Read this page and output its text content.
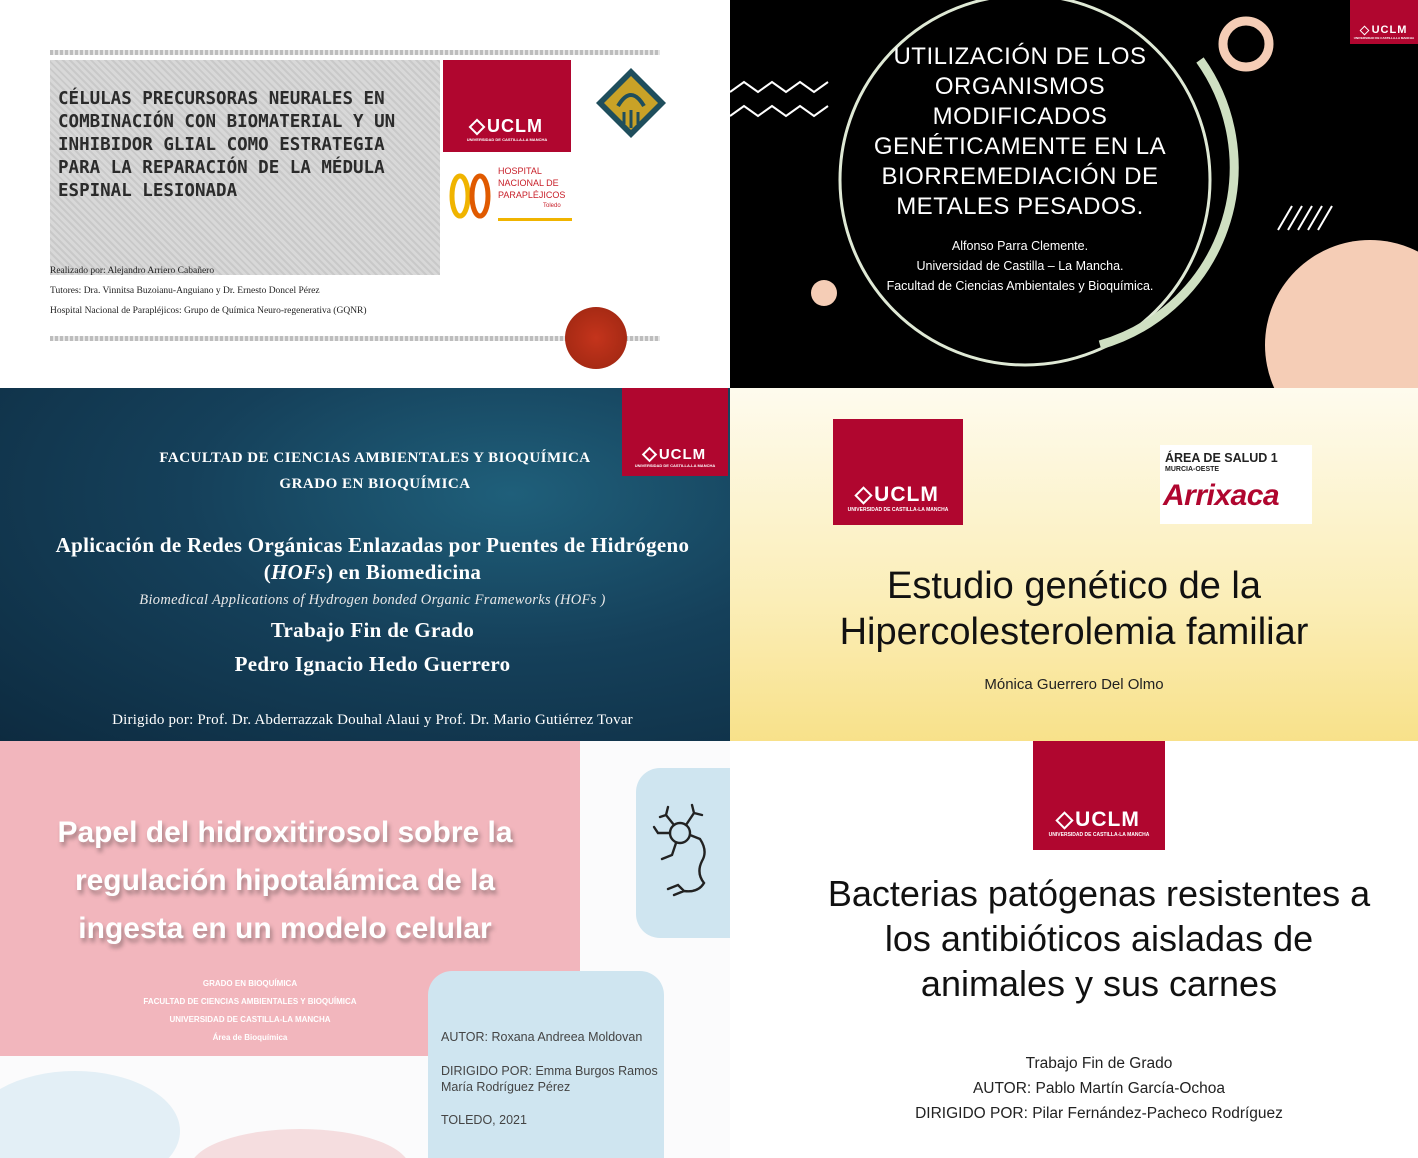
CÉLULAS PRECURSORAS NEURALES EN COMBINACIÓN CON BIOMATERIAL Y UN INHIBIDOR GLIAL COMO ESTRATEGIA PARA LA REPARACIÓN DE LA MÉDULA ESPINAL LESIONADA
UCLM
UNIVERSIDAD DE CASTILLA-LA MANCHA
HOSPITAL
NACIONAL DE
PARAPLÉJICOS
Toledo
Realizado por: Alejandro Arriero Cabañero
Tutores: Dra. Vinnitsa Buzoianu-Anguiano y Dr. Ernesto Doncel Pérez
Hospital Nacional de Parapléjicos: Grupo de Química Neuro-regenerativa (GQNR)
UCLM
UNIVERSIDAD DE CASTILLA-LA MANCHA
UTILIZACIÓN DE LOS ORGANISMOS MODIFICADOS GENÉTICAMENTE EN LA BIORREMEDIACIÓN DE METALES PESADOS.
Alfonso Parra Clemente.
Universidad de Castilla – La Mancha.
Facultad de Ciencias Ambientales y Bioquímica.
UCLM
UNIVERSIDAD DE CASTILLA-LA MANCHA
FACULTAD DE CIENCIAS AMBIENTALES Y BIOQUÍMICA
GRADO EN BIOQUÍMICA
Aplicación de Redes Orgánicas Enlazadas por Puentes de Hidrógeno (HOFs) en Biomedicina
Biomedical Applications of Hydrogen bonded Organic Frameworks (HOFs )
Trabajo Fin de Grado
Pedro Ignacio Hedo Guerrero
Dirigido por: Prof. Dr. Abderrazzak Douhal Alaui y Prof. Dr. Mario Gutiérrez Tovar
UCLM
UNIVERSIDAD DE CASTILLA-LA MANCHA
ÁREA DE SALUD 1
MURCIA-OESTE
Arrixaca
Estudio genético de la
Hipercolesterolemia familiar
Mónica Guerrero Del Olmo
Papel del hidroxitirosol sobre la regulación hipotalámica de la ingesta en un modelo celular
GRADO EN BIOQUÍMICA
FACULTAD DE CIENCIAS AMBIENTALES Y BIOQUÍMICA
UNIVERSIDAD DE CASTILLA-LA MANCHA
Área de Bioquímica	AUTOR: Roxana Andreea Moldovan
DIRIGIDO POR: Emma Burgos Ramos
María Rodríguez Pérez
TOLEDO, 2021
UCLM
UNIVERSIDAD DE CASTILLA-LA MANCHA
Bacterias patógenas resistentes a
los antibióticos aisladas de
animales y sus carnes
Trabajo Fin de Grado
AUTOR: Pablo Martín García-Ochoa
DIRIGIDO POR: Pilar Fernández-Pacheco Rodríguez
